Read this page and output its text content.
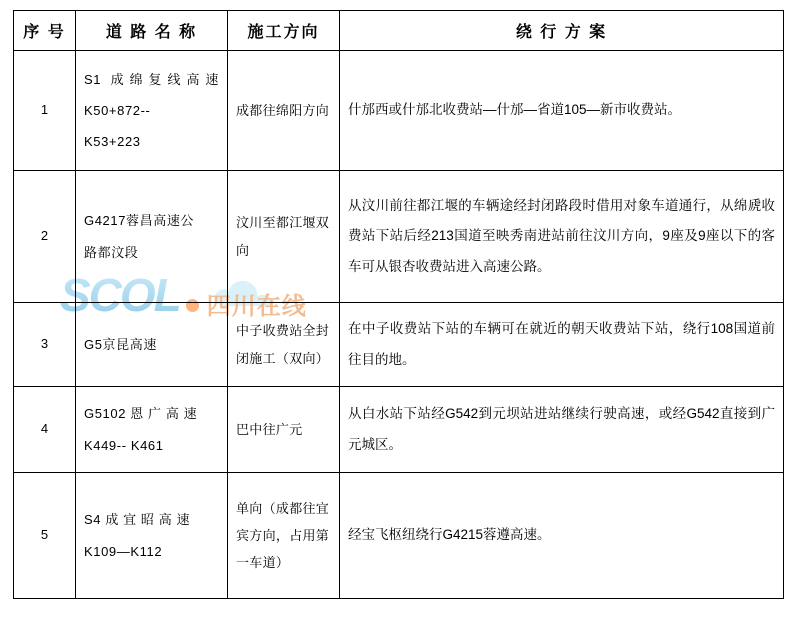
SCOL 四川在线
序 号	道 路 名 称	施工方向	绕 行 方 案
1	S1 成绵复线高速
K50+872--
K53+223	成都往绵阳方向	什邡西或什邡北收费站—什邡—省道105—新市收费站。
2	G4217蓉昌高速公
路都汶段	汶川至都江堰双向	从汶川前往都江堰的车辆途经封闭路段时借用对象车道通行，从绵虒收费站下站后经213国道至映秀南进站前往汶川方向，9座及9座以下的客车可从银杏收费站进入高速公路。
3	G5京昆高速	中子收费站全封闭施工（双向）	在中子收费站下站的车辆可在就近的朝天收费站下站，绕行108国道前往目的地。
4	G5102 恩 广 高 速
K449-- K461	巴中往广元	从白水站下站经G542到元坝站进站继续行驶高速，或经G542直接到广元城区。
5	S4 成 宜 昭 高 速
K109—K112	单向（成都往宜宾方向，占用第一车道）	经宝飞枢纽绕行G4215蓉遵高速。
